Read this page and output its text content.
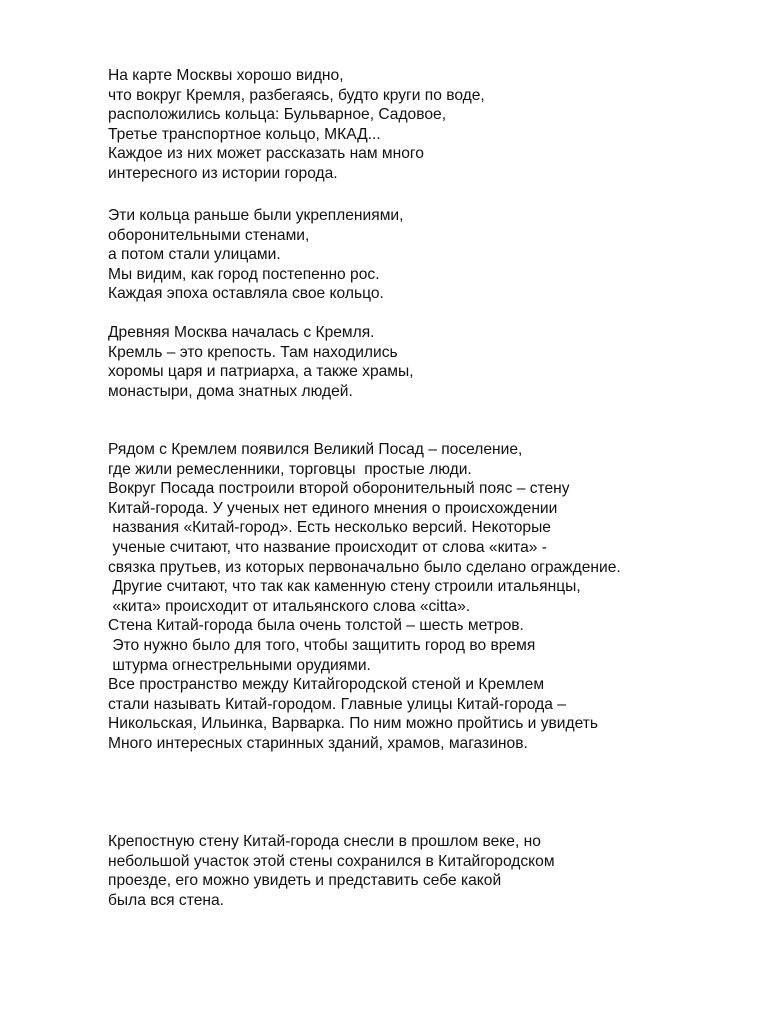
На карте Москвы хорошо видно,
что вокруг Кремля, разбегаясь, будто круги по воде,
расположились кольца: Бульварное, Садовое,
Третье транспортное кольцо, МКАД...
Каждое из них может рассказать нам много
интересного из истории города.
Эти кольца раньше были укреплениями,
оборонительными стенами,
а потом стали улицами.
Мы видим, как город постепенно рос.
Каждая эпоха оставляла свое кольцо.
Древняя Москва началась с Кремля.
Кремль – это крепость. Там находились
хоромы царя и патриарха, а также храмы,
монастыри, дома знатных людей.
Рядом с Кремлем появился Великий Посад – поселение,
где жили ремесленники, торговцы  простые люди.
Вокруг Посада построили второй оборонительный пояс – стену
Китай-города. У ученых нет единого мнения о происхождении
названия «Китай-город». Есть несколько версий. Некоторые
ученые считают, что название происходит от слова «кита» -
связка прутьев, из которых первоначально было сделано ограждение.
Другие считают, что так как каменную стену строили итальянцы,
«кита» происходит от итальянского слова «citta».
Стена Китай-города была очень толстой – шесть метров.
Это нужно было для того, чтобы защитить город во время
штурма огнестрельными орудиями.
Все пространство между Китайгородской стеной и Кремлем
стали называть Китай-городом. Главные улицы Китай-города –
Никольская, Ильинка, Варварка. По ним можно пройтись и увидеть
Много интересных старинных зданий, храмов, магазинов.
Крепостную стену Китай-города снесли в прошлом веке, но
небольшой участок этой стены сохранился в Китайгородском
проезде, его можно увидеть и представить себе какой
была вся стена.
